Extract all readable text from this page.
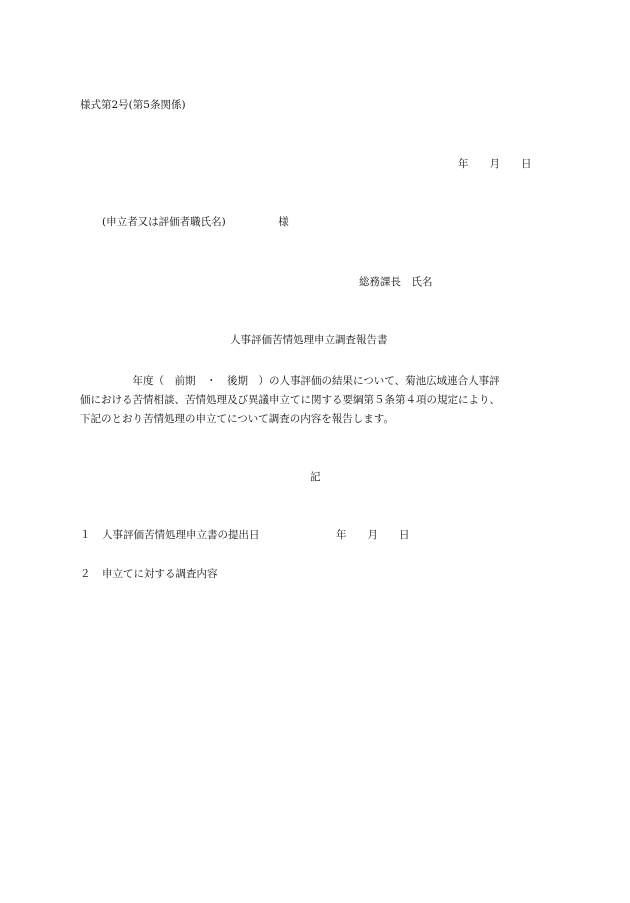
様式第2号(第5条関係)
年　　月　　日
(申立者又は評価者職氏名)　　　　　様
総務課長　氏名
人事評価苦情処理申立調査報告書
　　　　　年度（　前期　・　後期　）の人事評価の結果について、菊池広域連合人事評
価における苦情相談、苦情処理及び異議申立てに関する要綱第５条第４項の規定により、
下記のとおり苦情処理の申立てについて調査の内容を報告します。
記
１ 人事評価苦情処理申立書の提出日	年　　月　　日
２ 申立てに対する調査内容
